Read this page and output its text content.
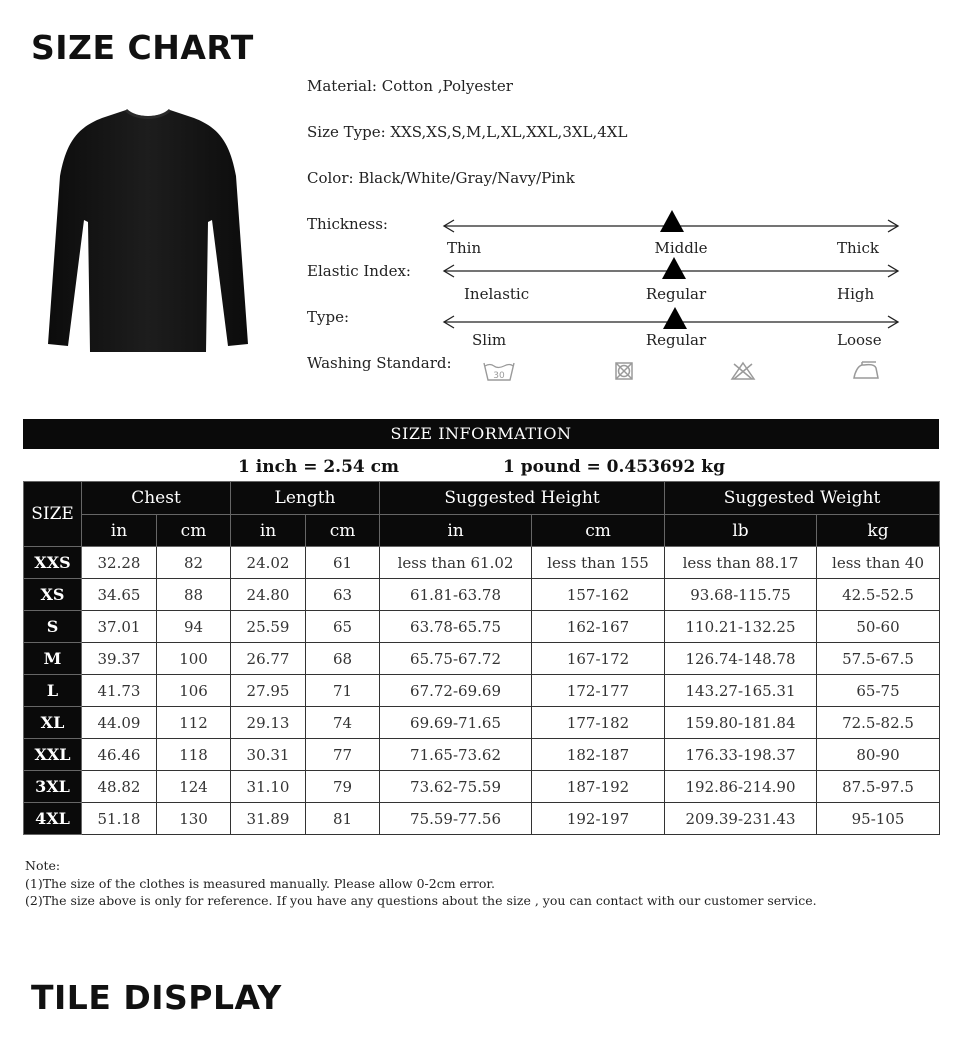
SIZE CHART
Material: Cotton ,Polyester
Size Type: XXS,XS,S,M,L,XL,XXL,3XL,4XL
Color: Black/White/Gray/Navy/Pink
Thickness:
Thin	Middle	Thick
Elastic Index:
Inelastic	Regular	High
Type:
Slim	Regular	Loose
Washing Standard:
30
SIZE INFORMATION
1 inch = 2.54 cm	1 pound = 0.453692 kg
SIZE	Chest		Length		Suggested Height		Suggested Weight	
	in	cm	in	cm	in	cm	lb	kg
XXS	32.28	82	24.02	61	less than 61.02	less than 155	less than 88.17	less than 40
XS	34.65	88	24.80	63	61.81-63.78	157-162	93.68-115.75	42.5-52.5
S	37.01	94	25.59	65	63.78-65.75	162-167	110.21-132.25	50-60
M	39.37	100	26.77	68	65.75-67.72	167-172	126.74-148.78	57.5-67.5
L	41.73	106	27.95	71	67.72-69.69	172-177	143.27-165.31	65-75
XL	44.09	112	29.13	74	69.69-71.65	177-182	159.80-181.84	72.5-82.5
XXL	46.46	118	30.31	77	71.65-73.62	182-187	176.33-198.37	80-90
3XL	48.82	124	31.10	79	73.62-75.59	187-192	192.86-214.90	87.5-97.5
4XL	51.18	130	31.89	81	75.59-77.56	192-197	209.39-231.43	95-105

Note:

(1)The size of the clothes is measured manually. Please allow 0-2cm error.

(2)The size above is only for reference. If you have any questions about the size , you can contact with our customer service.

TILE DISPLAY
